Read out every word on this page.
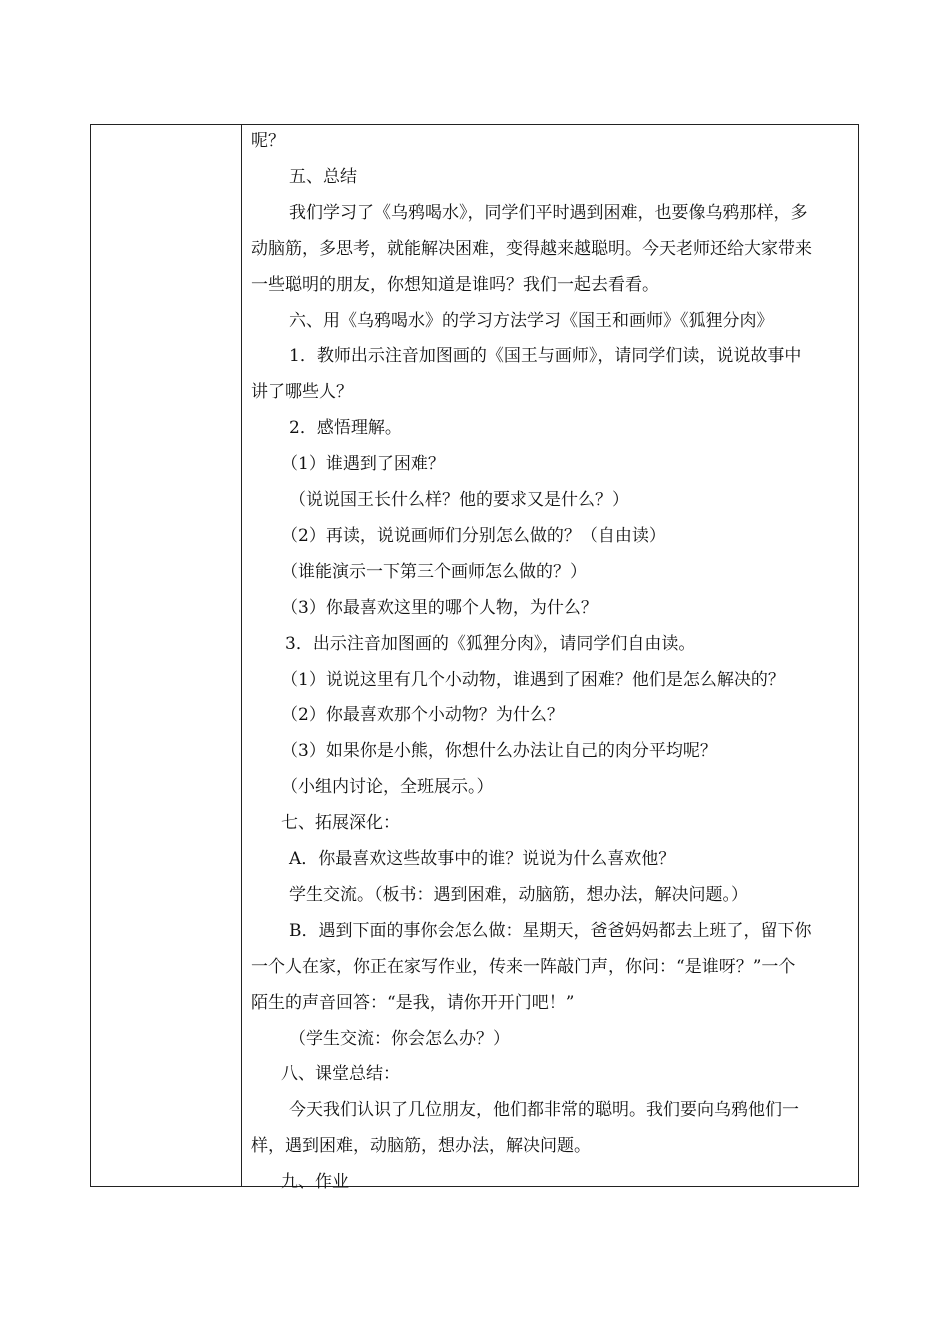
呢？
五、总结
我们学习了《乌鸦喝水》，同学们平时遇到困难，也要像乌鸦那样，多
动脑筋，多思考，就能解决困难，变得越来越聪明。今天老师还给大家带来
一些聪明的朋友，你想知道是谁吗？我们一起去看看。
六、用《乌鸦喝水》的学习方法学习《国王和画师》《狐狸分肉》
1．教师出示注音加图画的《国王与画师》，请同学们读，说说故事中
讲了哪些人？
2．感悟理解。
（1）谁遇到了困难？
（说说国王长什么样？他的要求又是什么？）
（2）再读，说说画师们分别怎么做的？（自由读）
（谁能演示一下第三个画师怎么做的？）
（3）你最喜欢这里的哪个人物，为什么？
3．出示注音加图画的《狐狸分肉》，请同学们自由读。
（1）说说这里有几个小动物，谁遇到了困难？他们是怎么解决的？
（2）你最喜欢那个小动物？为什么？
（3）如果你是小熊，你想什么办法让自己的肉分平均呢？
（小组内讨论，全班展示。）
七、拓展深化：
A．你最喜欢这些故事中的谁？说说为什么喜欢他？
学生交流。（板书：遇到困难，动脑筋，想办法，解决问题。）
B．遇到下面的事你会怎么做：星期天，爸爸妈妈都去上班了，留下你
一个人在家，你正在家写作业，传来一阵敲门声，你问：“是谁呀？”一个
陌生的声音回答：“是我，请你开开门吧！”
（学生交流：你会怎么办？）
八、课堂总结：
今天我们认识了几位朋友，他们都非常的聪明。我们要向乌鸦他们一
样，遇到困难，动脑筋，想办法，解决问题。
九、作业
